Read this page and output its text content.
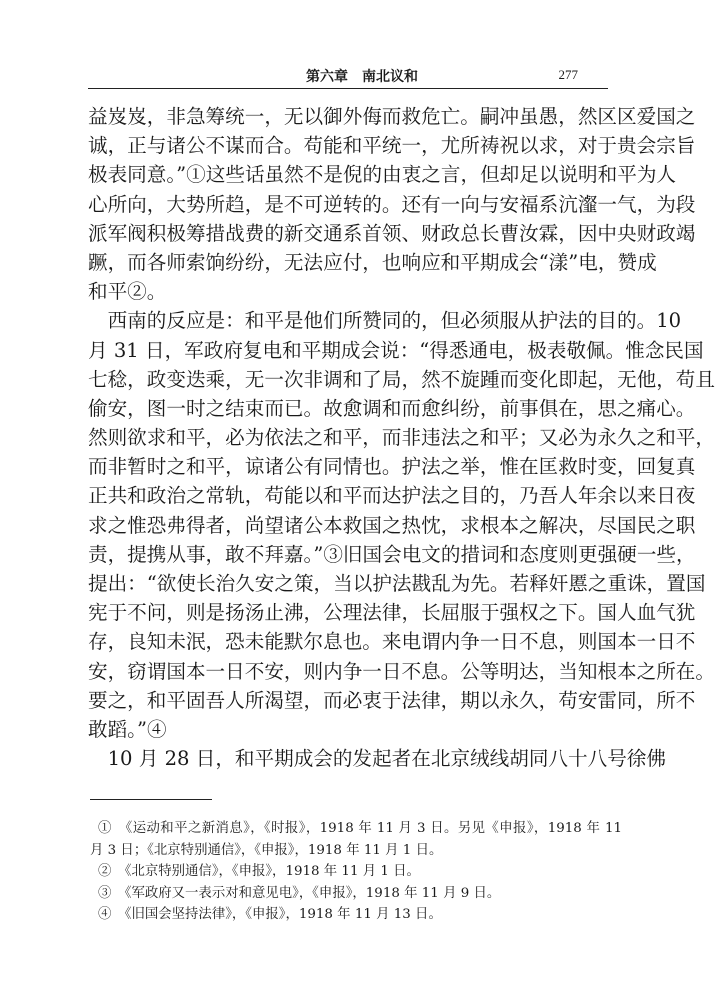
第六章　南北议和	277
益岌岌，非急筹统一，无以御外侮而救危亡。嗣冲虽愚，然区区爱国之
诚，正与诸公不谋而合。苟能和平统一，尤所祷祝以求，对于贵会宗旨
极表同意。”①这些话虽然不是倪的由衷之言，但却足以说明和平为人
心所向，大势所趋，是不可逆转的。还有一向与安福系沆瀣一气，为段
派军阀积极筹措战费的新交通系首领、财政总长曹汝霖，因中央财政竭
蹶，而各师索饷纷纷，无法应付，也响应和平期成会“漾”电，赞成
和平②。
　西南的反应是：和平是他们所赞同的，但必须服从护法的目的。10
月 31 日，军政府复电和平期成会说：“得悉通电，极表敬佩。惟念民国
七稔，政变迭乘，无一次非调和了局，然不旋踵而变化即起，无他，苟且
偷安，图一时之结束而已。故愈调和而愈纠纷，前事俱在，思之痛心。
然则欲求和平，必为依法之和平，而非违法之和平；又必为永久之和平，
而非暂时之和平，谅诸公有同情也。护法之举，惟在匡救时变，回复真
正共和政治之常轨，苟能以和平而达护法之目的，乃吾人年余以来日夜
求之惟恐弗得者，尚望诸公本救国之热忱，求根本之解决，尽国民之职
责，提携从事，敢不拜嘉。”③旧国会电文的措词和态度则更强硬一些，
提出：“欲使长治久安之策，当以护法戡乱为先。若释奸慝之重诛，置国
宪于不问，则是扬汤止沸，公理法律，长屈服于强权之下。国人血气犹
存，良知未泯，恐未能默尔息也。来电谓内争一日不息，则国本一日不
安，窃谓国本一日不安，则内争一日不息。公等明达，当知根本之所在。
要之，和平固吾人所渴望，而必衷于法律，期以永久，苟安雷同，所不
敢蹈。”④
　10 月 28 日，和平期成会的发起者在北京绒线胡同八十八号徐佛
①　《运动和平之新消息》，《时报》，1918 年 11 月 3 日。另见《申报》，1918 年 11
月 3 日；《北京特别通信》，《申报》，1918 年 11 月 1 日。
②　《北京特别通信》，《申报》，1918 年 11 月 1 日。
③　《军政府又一表示对和意见电》，《申报》，1918 年 11 月 9 日。
④　《旧国会坚持法律》，《申报》，1918 年 11 月 13 日。
